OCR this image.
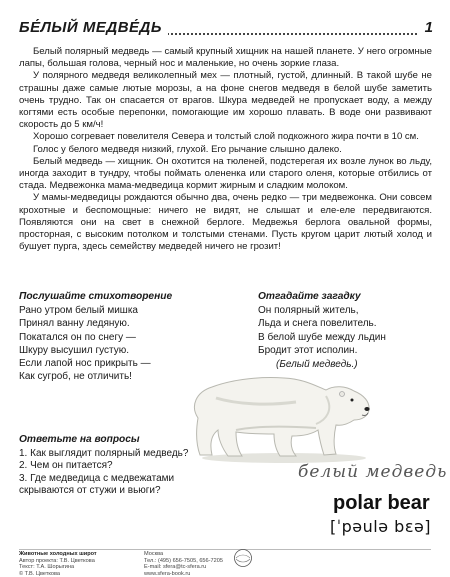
БЕ́ЛЫЙ МЕДВЕ́ДЬ	1

Белый полярный медведь — самый крупный хищник на нашей планете. У него огромные лапы, большая голова, черный нос и маленькие, но очень зоркие глаза.

У полярного медведя великолепный мех — плотный, густой, длинный. В такой шубе не страшны даже самые лютые морозы, а на фоне снегов медведя в белой шубе заметить очень трудно. Так он спасается от врагов. Шкура медведей не пропускает воду, а между когтями есть особые перепонки, помогающие им хорошо плавать. В воде они развивают скорость до 5 км/ч!

Хорошо согревает повелителя Севера и толстый слой подкожного жира почти в 10 см.

Голос у белого медведя низкий, глухой. Его рычание слышно далеко.

Белый медведь — хищник. Он охотится на тюленей, подстерегая их возле лунок во льду, иногда заходит в тундру, чтобы поймать олененка или старого оленя, которые отбились от стада. Медвежонка мама-медведица кормит жирным и сладким молоком.

У мамы-медведицы рождаются обычно два, очень редко — три медвежонка. Они совсем крохотные и беспомощные: ничего не видят, не слышат и еле-еле передвигаются. Появляются они на свет в снежной берлоге. Медвежья берлога овальной формы, просторная, с высоким потолком и толстыми стенами. Пусть кругом царит лютый холод и бушует пурга, здесь семейству медведей ничего не грозит!

Послушайте стихотворение
Рано утром белый мишка
Принял ванну ледяную.
Покатался он по снегу —
Шкуру высушил густую.
Если лапой нос прикрыть —
Как сугроб, не отличить!
Отгадайте загадку
Он полярный житель,
Льда и снега повелитель.
В белой шубе между льдин
Бродит этот исполин.
(Белый медведь.)
Ответьте на вопросы
1. Как выглядит полярный медведь?
2. Чем он питается?
3. Где медведица с медвежатами
скрываются от стужи и вьюги?
белый медведь
polar bear
[ˈpəulə bεə]
Животные холодных широт
Автор проекта: Т.В. Цветкова
Текст: Т.А. Шорыгина
© Т.В. Цветкова
Москва
Тел.: (495) 656-7505, 656-7205
E-mail: sfera@tc-sfera.ru
www.sfera-book.ru
